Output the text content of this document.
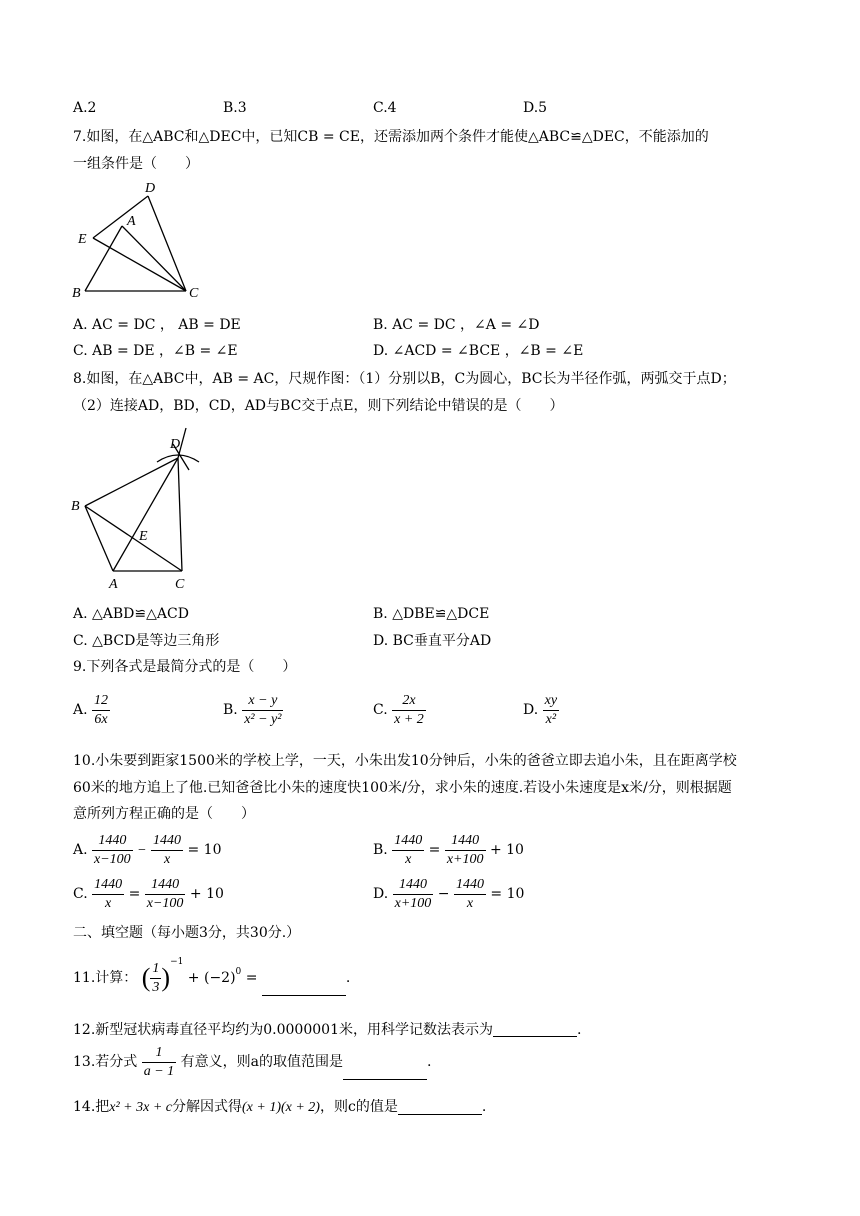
A.2	B.3	C.4	D.5
7.如图，在△ABC和△DEC中，已知CB = CE，还需添加两个条件才能使△ABC≌△DEC，不能添加的
一组条件是（　　）
D
A
E
B	C
A. AC = DC ， AB = DE	B. AC = DC ，∠A = ∠D
C. AB = DE ，∠B = ∠E	D. ∠ACD = ∠BCE ，∠B = ∠E
8.如图，在△ABC中，AB = AC，尺规作图：（1）分别以B，C为圆心，BC长为半径作弧，两弧交于点D；
（2）连接AD，BD，CD，AD与BC交于点E，则下列结论中错误的是（　　）
D
B
E
A	C
A. △ABD≌△ACD	B. △DBE≌△DCE
C. △BCD是等边三角形	D. BC垂直平分AD
9.下列各式是最简分式的是（　　）
A. $\frac{12}{6x}$	B. $\frac{x - y}{\text{x² − y²}}$	C. $\frac{2x}{x + 2}$	D. $\frac{xy}{\text{x²}}$
10.小朱要到距家1500米的学校上学，一天，小朱出发10分钟后，小朱的爸爸立即去追小朱，且在距离学校
60米的地方追上了他.已知爸爸比小朱的速度快100米/分，求小朱的速度.若设小朱速度是x米/分，则根据题
意所列方程正确的是（　　）
A. $\frac{1440}{x-100} - \frac{1440}{x} = 10$	B. $\frac{1440}{x} = \frac{1440}{x+100} + 10$
C. $\frac{1440}{x} = \frac{1440}{x-100} + 10$	D. $\frac{1440}{x+100} - \frac{1440}{x} = 10$
二、填空题（每小题3分，共30分.）
11.计算： ( $\frac{1}{3} )^{-1} + (-2)^0$ =	.
12.新型冠状病毒直径平均约为0.0000001米，用科学记数法表示为	.
13.若分式 $\frac{1}{a - 1}$ 有意义，则a的取值范围是	.
14.把x² + 3x + c分解因式得(x + 1)(x + 2)，则c的值是	.
